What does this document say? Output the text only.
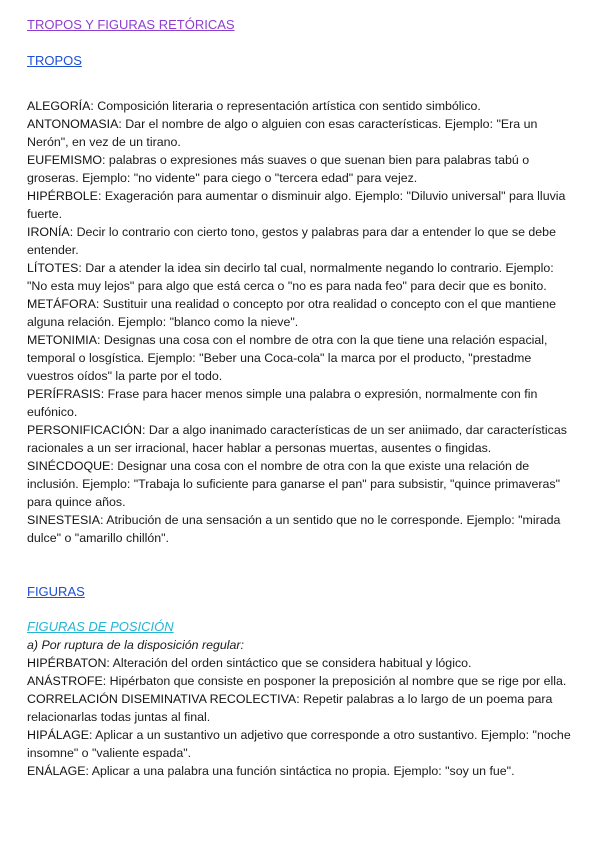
TROPOS Y FIGURAS RETÓRICAS

TROPOS

ALEGORÍA: Composición literaria o representación artística con sentido simbólico.

ANTONOMASIA: Dar el nombre de algo o alguien con esas características. Ejemplo: "Era un Nerón", en vez de un tirano.

EUFEMISMO: palabras o expresiones más suaves o que suenan bien para palabras tabú o groseras. Ejemplo: "no vidente" para ciego o "tercera edad" para vejez.

HIPÉRBOLE: Exageración para aumentar o disminuir algo. Ejemplo: "Diluvio universal" para lluvia fuerte.

IRONÍA: Decir lo contrario con cierto tono, gestos y palabras para dar a entender lo que se debe entender.

LÍTOTES: Dar a atender la idea sin decirlo tal cual, normalmente negando lo contrario. Ejemplo: "No esta muy lejos" para algo que está cerca o "no es para nada feo" para decir que es bonito.

METÁFORA: Sustituir una realidad o concepto por otra realidad o concepto con el que mantiene alguna relación. Ejemplo: "blanco como la nieve".

METONIMIA: Designas una cosa con el nombre de otra con la que tiene una relación espacial, temporal o losgística. Ejemplo: "Beber una Coca-cola" la marca por el producto, "prestadme vuestros oídos" la parte por el todo.

PERÍFRASIS: Frase para hacer menos simple una palabra o expresión, normalmente con fin eufónico.

PERSONIFICACIÓN: Dar a algo inanimado características de un ser aniimado, dar características racionales a un ser irracional, hacer hablar a personas muertas, ausentes o fingidas.

SINÉCDOQUE: Designar una cosa con el nombre de otra con la que existe una relación de inclusión. Ejemplo: "Trabaja lo suficiente para ganarse el pan" para subsistir, "quince primaveras" para quince años.

SINESTESIA: Atribución de una sensación a un sentido que no le corresponde. Ejemplo: "mirada dulce" o "amarillo chillón".

FIGURAS

FIGURAS DE POSICIÓN

a) Por ruptura de la disposición regular:

HIPÉRBATON: Alteración del orden sintáctico que se considera habitual y lógico.

ANÁSTROFE: Hipérbaton que consiste en posponer la preposición al nombre que se rige por ella.

CORRELACIÓN DISEMINATIVA RECOLECTIVA: Repetir palabras a lo largo de un poema para relacionarlas todas juntas al final.

HIPÁLAGE: Aplicar a un sustantivo un adjetivo que corresponde a otro sustantivo. Ejemplo: "noche insomne" o "valiente espada".

ENÁLAGE: Aplicar a una palabra una función sintáctica no propia. Ejemplo: "soy un fue".
